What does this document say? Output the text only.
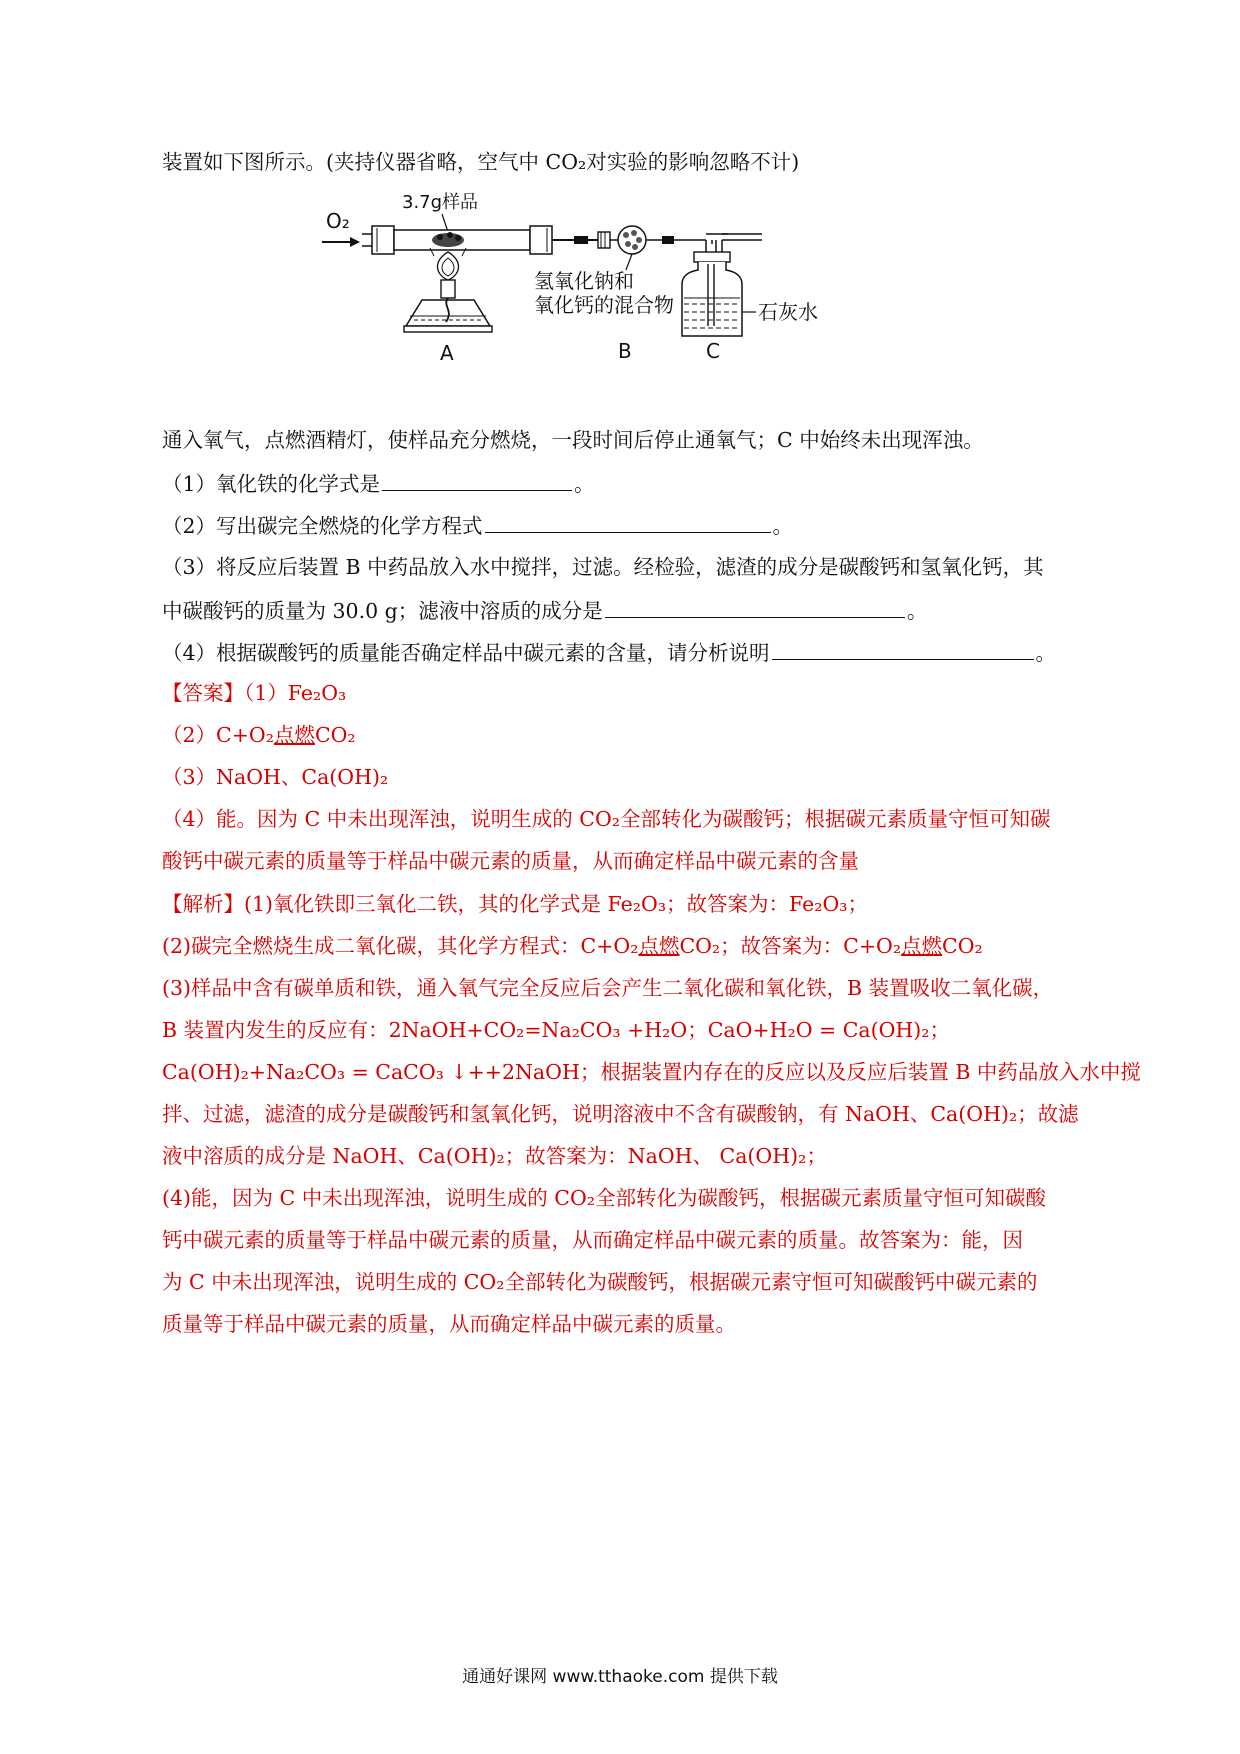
装置如下图所示。(夹持仪器省略，空气中 CO₂对实验的影响忽略不计)
O₂
3.7g样品
氢氧化钠和
氧化钙的混合物	石灰水
A	B	C
通入氧气，点燃酒精灯，使样品充分燃烧，一段时间后停止通氧气；C 中始终未出现浑浊。
（1）氧化铁的化学式是	。
（2）写出碳完全燃烧的化学方程式	。
（3）将反应后装置 B 中药品放入水中搅拌，过滤。经检验，滤渣的成分是碳酸钙和氢氧化钙，其
中碳酸钙的质量为 30.0 g；滤液中溶质的成分是	。
（4）根据碳酸钙的质量能否确定样品中碳元素的含量，请分析说明	。
【答案】（1）Fe₂O₃
（2）C+O₂点燃CO₂
（3）NaOH、Ca(OH)₂
（4）能。因为 C 中未出现浑浊，说明生成的 CO₂全部转化为碳酸钙；根据碳元素质量守恒可知碳
酸钙中碳元素的质量等于样品中碳元素的质量，从而确定样品中碳元素的含量
【解析】(1)氧化铁即三氧化二铁，其的化学式是 Fe₂O₃；故答案为：Fe₂O₃；
(2)碳完全燃烧生成二氧化碳，其化学方程式：C+O₂点燃CO₂；故答案为：C+O₂点燃CO₂
(3)样品中含有碳单质和铁，通入氧气完全反应后会产生二氧化碳和氧化铁，B 装置吸收二氧化碳，
B 装置内发生的反应有：2NaOH+CO₂=Na₂CO₃ +H₂O；CaO+H₂O = Ca(OH)₂；
Ca(OH)₂+Na₂CO₃ = CaCO₃ ↓++2NaOH；根据装置内存在的反应以及反应后装置 B 中药品放入水中搅
拌、过滤，滤渣的成分是碳酸钙和氢氧化钙，说明溶液中不含有碳酸钠，有 NaOH、Ca(OH)₂；故滤
液中溶质的成分是 NaOH、Ca(OH)₂；故答案为：NaOH、 Ca(OH)₂；
(4)能，因为 C 中未出现浑浊，说明生成的 CO₂全部转化为碳酸钙，根据碳元素质量守恒可知碳酸
钙中碳元素的质量等于样品中碳元素的质量，从而确定样品中碳元素的质量。故答案为：能，因
为 C 中未出现浑浊，说明生成的 CO₂全部转化为碳酸钙，根据碳元素守恒可知碳酸钙中碳元素的
质量等于样品中碳元素的质量，从而确定样品中碳元素的质量。
通通好课网 www.tthaoke.com 提供下载
